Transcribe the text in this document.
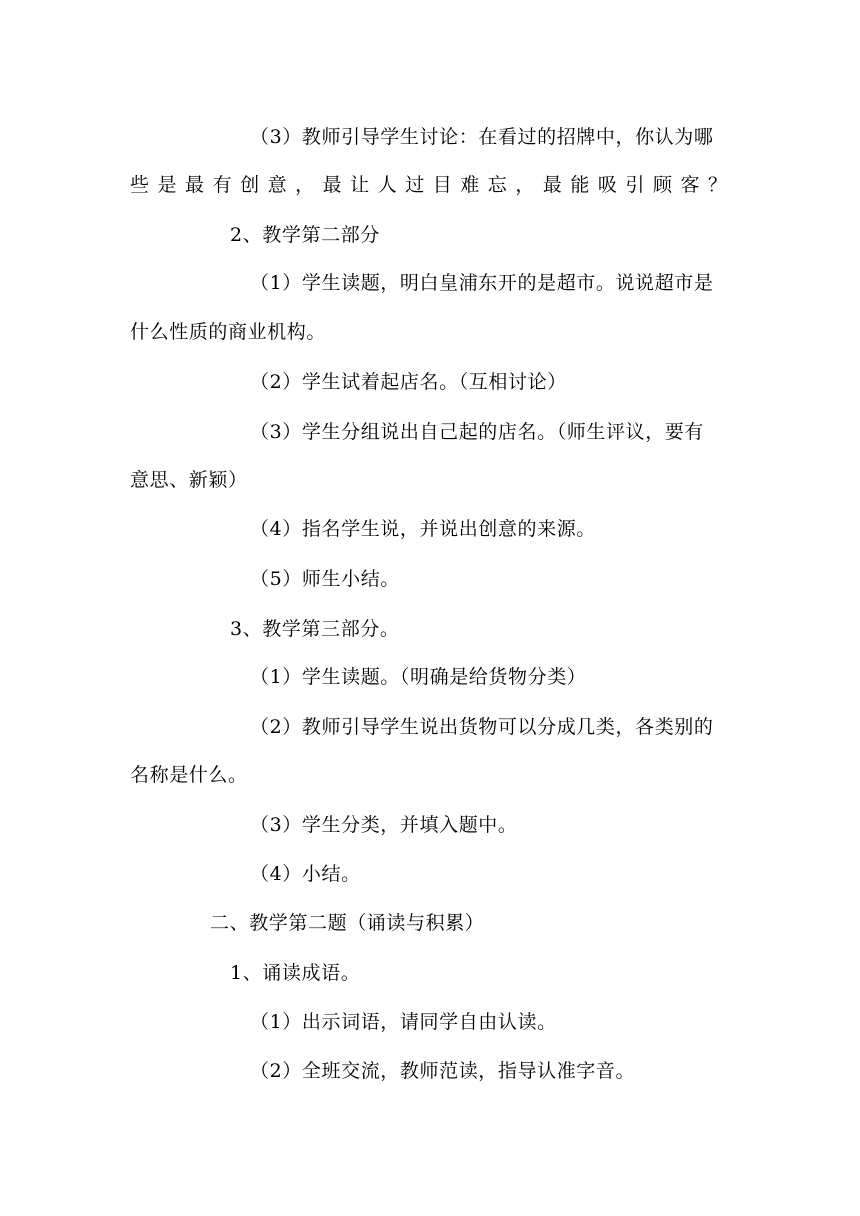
（3）教师引导学生讨论：在看过的招牌中，你认为哪
些是最有创意，最让人过目难忘，最能吸引顾客？
2、教学第二部分
（1）学生读题，明白皇浦东开的是超市。说说超市是
什么性质的商业机构。
（2）学生试着起店名。（互相讨论）
（3）学生分组说出自己起的店名。（师生评议，要有
意思、新颖）
（4）指名学生说，并说出创意的来源。
（5）师生小结。
3、教学第三部分。
（1）学生读题。（明确是给货物分类）
（2）教师引导学生说出货物可以分成几类，各类别的
名称是什么。
（3）学生分类，并填入题中。
（4）小结。
二、教学第二题（诵读与积累）
1、诵读成语。
（1）出示词语，请同学自由认读。
（2）全班交流，教师范读，指导认准字音。
